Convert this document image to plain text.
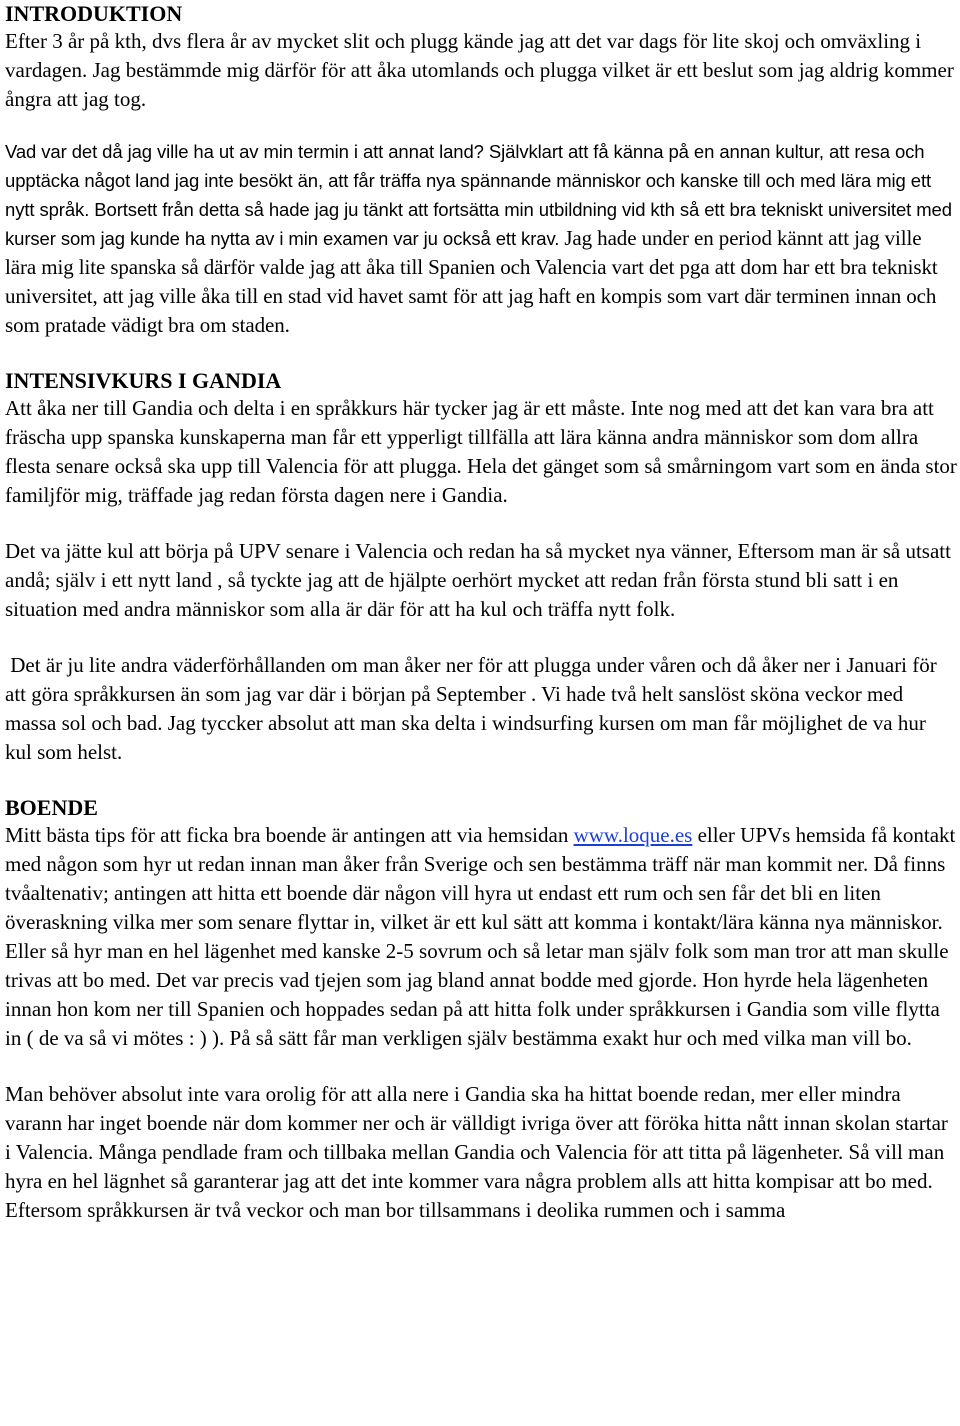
INTRODUKTION

Efter 3 år på kth, dvs flera år av mycket slit och plugg kände jag att det var dags för lite skoj och omväxling i vardagen. Jag bestämmde mig därför för att åka utomlands och plugga vilket är ett beslut som jag aldrig kommer ångra att jag tog.

Vad var det då jag ville ha ut av min termin i att annat land? Självklart att få känna på en annan kultur, att resa och upptäcka något land jag inte besökt än, att får träffa nya spännande människor och kanske till och med lära mig ett nytt språk. Bortsett från detta så hade jag ju tänkt att fortsätta min utbildning vid kth så ett bra tekniskt universitet med kurser som jag kunde ha nytta av i min examen var ju också ett krav. Jag hade under en period kännt att jag ville lära mig lite spanska så därför valde jag att åka till Spanien och Valencia vart det pga att dom har ett bra tekniskt universitet, att jag ville åka till en stad vid havet samt för att jag haft en kompis som vart där terminen innan och som pratade vädigt bra om staden.

INTENSIVKURS I GANDIA

Att åka ner till Gandia och delta i en språkkurs här tycker jag är ett måste. Inte nog med att det kan vara bra att fräscha upp spanska kunskaperna man får ett ypperligt tillfälla att lära känna andra människor som dom allra flesta senare också ska upp till Valencia för att plugga. Hela det gänget som så smårningom vart som en ända stor familjför mig, träffade jag redan första dagen nere i Gandia.

Det va jätte kul att börja på UPV senare i Valencia och redan ha så mycket nya vänner, Eftersom man är så utsatt andå; själv i ett nytt land , så tyckte jag att de hjälpte oerhört mycket att redan från första stund bli satt i en situation med andra människor som alla är där för att ha kul och träffa nytt folk.

Det är ju lite andra väderförhållanden om man åker ner för att plugga under våren och då åker ner i Januari för att göra språkkursen än som jag var där i början på September . Vi hade två helt sanslöst sköna veckor med massa sol och bad. Jag tyccker absolut att man ska delta i windsurfing kursen om man får möjlighet de va hur kul som helst.

BOENDE

Mitt bästa tips för att ficka bra boende är antingen att via hemsidan www.loque.es eller UPVs hemsida få kontakt med någon som hyr ut redan innan man åker från Sverige och sen bestämma träff när man kommit ner. Då finns tvåaltenativ; antingen att hitta ett boende där någon vill hyra ut endast ett rum och sen får det bli en liten överaskning vilka mer som senare flyttar in, vilket är ett kul sätt att komma i kontakt/lära känna nya människor. Eller så hyr man en hel lägenhet med kanske 2-5 sovrum och så letar man själv folk som man tror att man skulle trivas att bo med. Det var precis vad tjejen som jag bland annat bodde med gjorde. Hon hyrde hela lägenheten innan hon kom ner till Spanien och hoppades sedan på att hitta folk under språkkursen i Gandia som ville flytta in ( de va så vi mötes : ) ). På så sätt får man verkligen själv bestämma exakt hur och med vilka man vill bo.

Man behöver absolut inte vara orolig för att alla nere i Gandia ska ha hittat boende redan, mer eller mindra varann har inget boende när dom kommer ner och är välldigt ivriga över att föröka hitta nått innan skolan startar i Valencia. Många pendlade fram och tillbaka mellan Gandia och Valencia för att titta på lägenheter. Så vill man hyra en hel lägnhet så garanterar jag att det inte kommer vara några problem alls att hitta kompisar att bo med. Eftersom språkkursen är två veckor och man bor tillsammans i deolika rummen och i samma
